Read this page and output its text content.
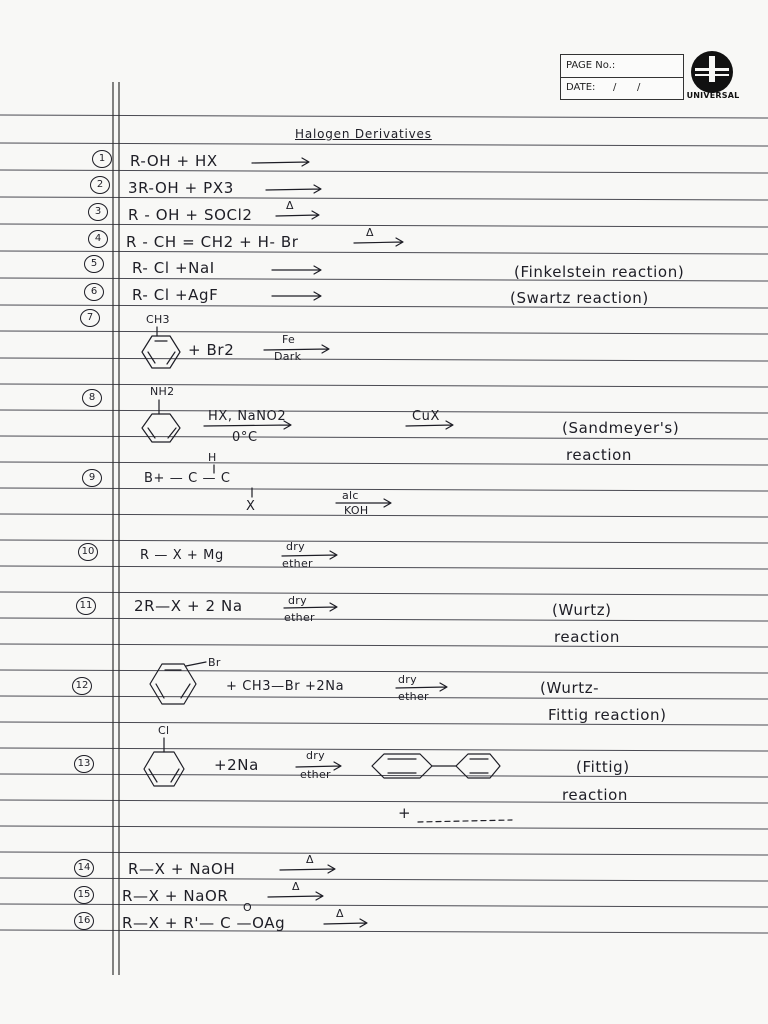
PAGE No.:
DATE: / /
UNIVERSAL
Halogen Derivatives
1
2
3
4
5
6
7
8
9
10
11
12
13
14
15
16
R-OH + HX
3R-OH + PX3
R - OH + SOCl2
Δ
R - CH = CH2 + H- Br
Δ
R- Cl +NaI
R- Cl +AgF
(Finkelstein reaction)
(Swartz reaction)
CH3
+ Br2
Fe
Dark
NH2
HX, NaNO2
0°C
CuX
(Sandmeyer's)
reaction
H
B+ — C — C
X
alc
KOH
R — X + Mg
dry
ether
2R—X + 2 Na	dry
ether	(Wurtz)
reaction
Br
+ CH3—Br +2Na	dry
ether	(Wurtz-
Fittig reaction)
Cl
+2Na
dry
ether	(Fittig)
reaction
+
R—X + NaOH
Δ
R—X + NaOR
Δ
O
R—X + R'— C —OAg
Δ
